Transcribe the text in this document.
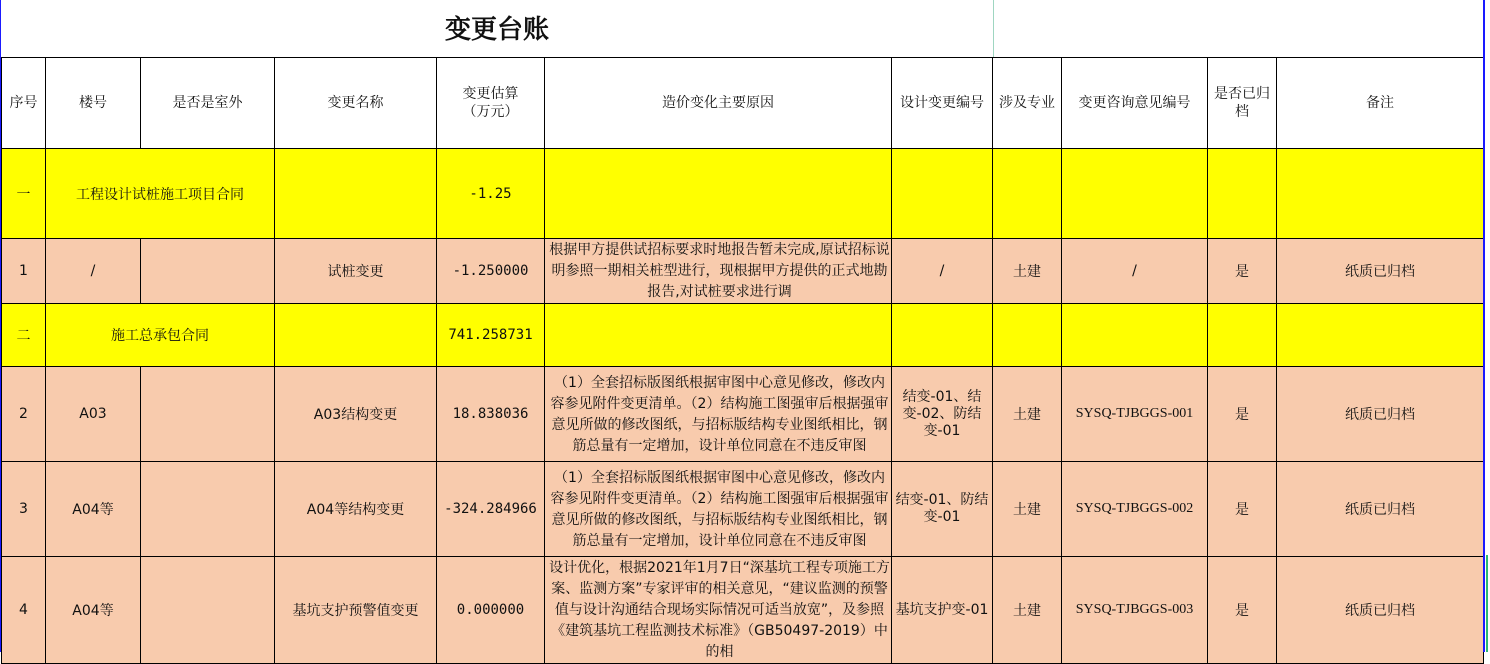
变更台账
序号	楼号	是否是室外	变更名称	变更估算（万元）	造价变化主要原因	设计变更编号	涉及专业	变更咨询意见编号	是否已归档	备注
一	工程设计试桩施工项目合同			-1.25						
1	/		试桩变更	-1.250000	根据甲方提供试招标要求时地报告暂未完成,原试招标说明参照一期相关桩型进行，现根据甲方提供的正式地勘报告,对试桩要求进行调	/	土建	/	是	纸质已归档
二	施工总承包合同			741.258731						
2	A03		A03结构变更	18.838036	（1）全套招标版图纸根据审图中心意见修改，修改内容参见附件变更清单。（2）结构施工图强审后根据强审意见所做的修改图纸，与招标版结构专业图纸相比，钢筋总量有一定增加，设计单位同意在不违反审图	结变-01、结变-02、防结变-01	土建	SYSQ-TJBGGS-001	是	纸质已归档
3	A04等		A04等结构变更	-324.284966	（1）全套招标版图纸根据审图中心意见修改，修改内容参见附件变更清单。（2）结构施工图强审后根据强审意见所做的修改图纸，与招标版结构专业图纸相比，钢筋总量有一定增加，设计单位同意在不违反审图	结变-01、防结变-01	土建	SYSQ-TJBGGS-002	是	纸质已归档
4	A04等		基坑支护预警值变更	0.000000	设计优化，根据2021年1月7日“深基坑工程专项施工方案、监测方案”专家评审的相关意见，“建议监测的预警值与设计沟通结合现场实际情况可适当放宽”，及参照《建筑基坑工程监测技术标准》（GB50497-2019）中的相	基坑支护变-01	土建	SYSQ-TJBGGS-003	是	纸质已归档
